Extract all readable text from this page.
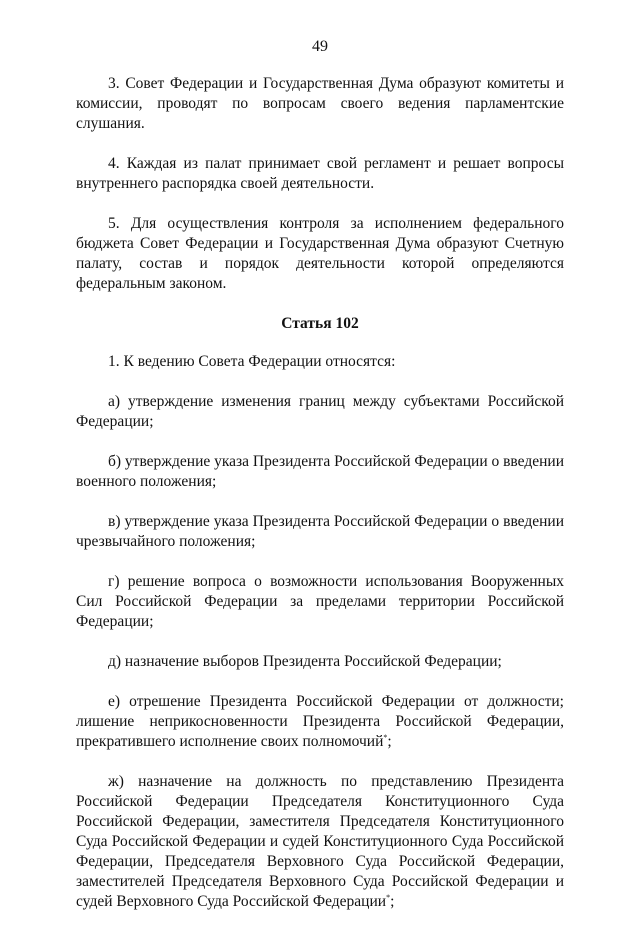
49

3. Совет Федерации и Государственная Дума образуют комитеты и комиссии, проводят по вопросам своего ведения парламентские слушания.

4. Каждая из палат принимает свой регламент и решает вопросы внутреннего распорядка своей деятельности.

5. Для осуществления контроля за исполнением федерального бюджета Совет Федерации и Государственная Дума образуют Счетную палату, состав и порядок деятельности которой определяются федеральным законом.

Статья 102

1. К ведению Совета Федерации относятся:

а) утверждение изменения границ между субъектами Российской Федерации;

б) утверждение указа Президента Российской Федерации о введении военного положения;

в) утверждение указа Президента Российской Федерации о введении чрезвычайного положения;

г) решение вопроса о возможности использования Вооруженных Сил Российской Федерации за пределами территории Российской Федерации;

д) назначение выборов Президента Российской Федерации;

е) отрешение Президента Российской Федерации от должности; лишение неприкосновенности Президента Российской Федерации, прекратившего исполнение своих полномочий*;

ж) назначение на должность по представлению Президента Российской Федерации Председателя Конституционного Суда Российской Федерации, заместителя Председателя Конституционного Суда Российской Федерации и судей Конституционного Суда Российской Федерации, Председателя Верховного Суда Российской Федерации, заместителей Председателя Верховного Суда Российской Федерации и судей Верховного Суда Российской Федерации*;
